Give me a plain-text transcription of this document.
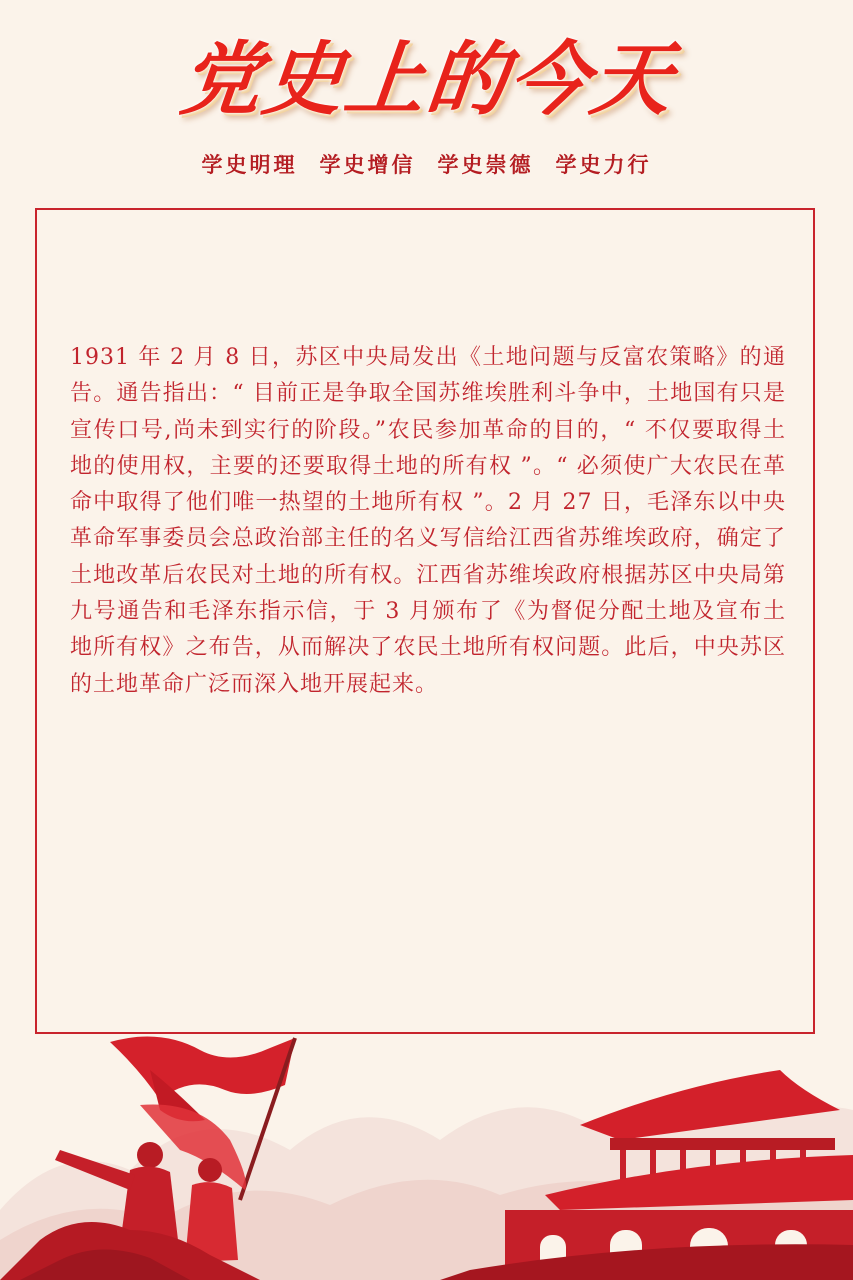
党史上的今天
学史明理 学史增信 学史崇德 学史力行
1931 年 2 月 8 日，苏区中央局发出《土地问题与反富农策略》的通告。通告指出：“ 目前正是争取全国苏维埃胜利斗争中，土地国有只是宣传口号,尚未到实行的阶段。”农民参加革命的目的，“ 不仅要取得土地的使用权，主要的还要取得土地的所有权 ”。“ 必须使广大农民在革命中取得了他们唯一热望的土地所有权 ”。2 月 27 日，毛泽东以中央革命军事委员会总政治部主任的名义写信给江西省苏维埃政府，确定了土地改革后农民对土地的所有权。江西省苏维埃政府根据苏区中央局第九号通告和毛泽东指示信，于 3 月颁布了《为督促分配土地及宣布土地所有权》之布告，从而解决了农民土地所有权问题。此后，中央苏区的土地革命广泛而深入地开展起来。
